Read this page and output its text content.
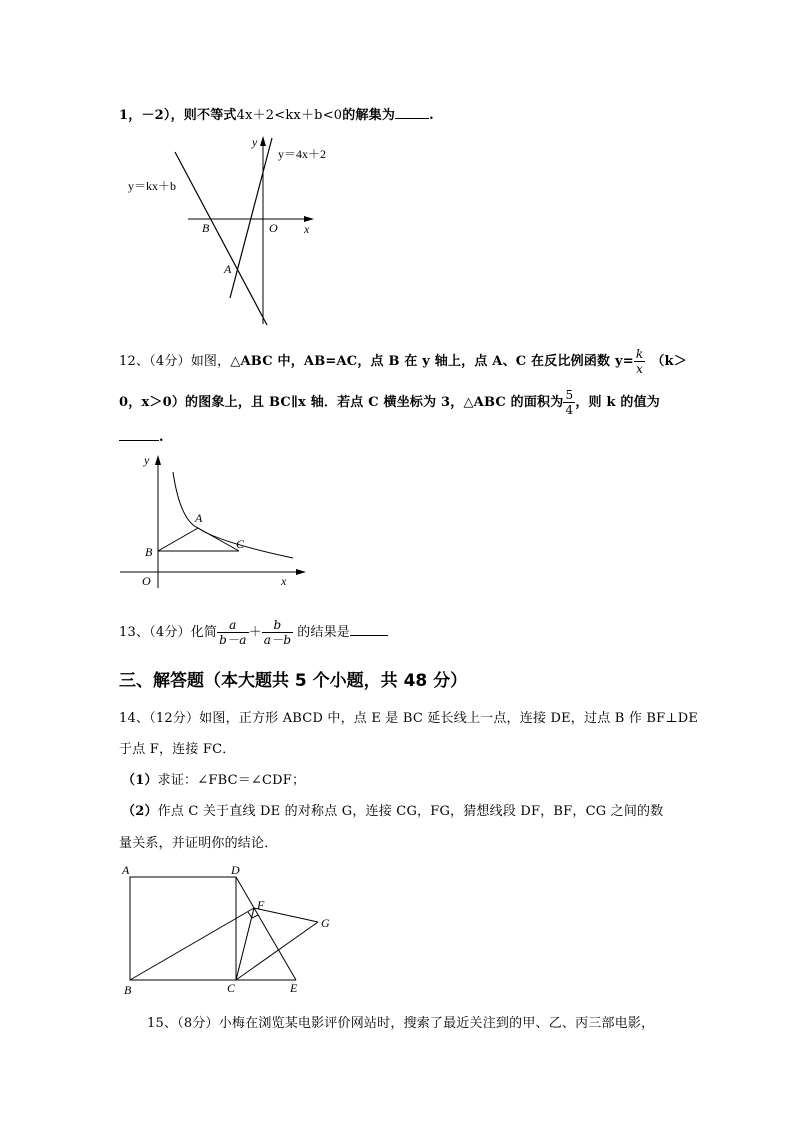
1，－2），则不等式4x＋2<kx＋b<0的解集为	.
y
x
O
B
A
y＝kx＋b
y＝4x＋2
12、（4分）如图，△ABC 中，AB=AC，点 B 在 y 轴上，点 A、C 在反比例函数 $y= \frac{k}{x} (k>$
0，x＞0）的图象上，且 BC∥x 轴．若点 C 横坐标为 3，△ABC 的面积为 $\frac{5}{4}$ ，则 k 的值为
.
y
x
O
A
B
C
13、（4分）化简 $\frac{a}{b-a} + \frac{b}{a-b}$ 的结果是
三、解答题（本大题共 5 个小题，共 48 分）
14、（12分）如图，正方形 ABCD 中，点 E 是 BC 延长线上一点，连接 DE，过点 B 作 BF⊥DE
于点 F，连接 FC．
（1）求证：∠FBC＝∠CDF；
（2）作点 C 关于直线 DE 的对称点 G，连接 CG，FG，猜想线段 DF，BF，CG 之间的数
量关系，并证明你的结论．
A	D
F
G
B	C	E
15、（8分）小梅在浏览某电影评价网站时，搜索了最近关注到的甲、乙、丙三部电影，
